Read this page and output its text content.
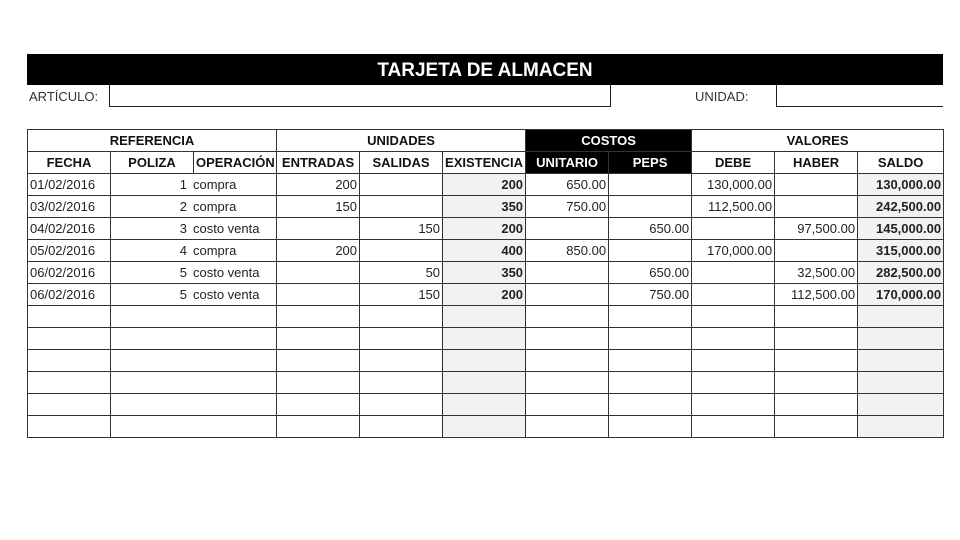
TARJETA DE ALMACEN
ARTÍCULO:	UNIDAD:
REFERENCIA			UNIDADES			COSTOS		VALORES		
FECHA	POLIZA	OPERACIÓN	ENTRADAS	SALIDAS	EXISTENCIA	UNITARIO	PEPS	DEBE	HABER	SALDO
01/02/2016	1 compra		200		200	650.00		130,000.00		130,000.00
03/02/2016	2 compra		150		350	750.00		112,500.00		242,500.00
04/02/2016	3 costo venta			150	200		650.00		97,500.00	145,000.00
05/02/2016	4 compra		200		400	850.00		170,000.00		315,000.00
06/02/2016	5 costo venta			50	350		650.00		32,500.00	282,500.00
06/02/2016	5 costo venta			150	200		750.00		112,500.00	170,000.00
